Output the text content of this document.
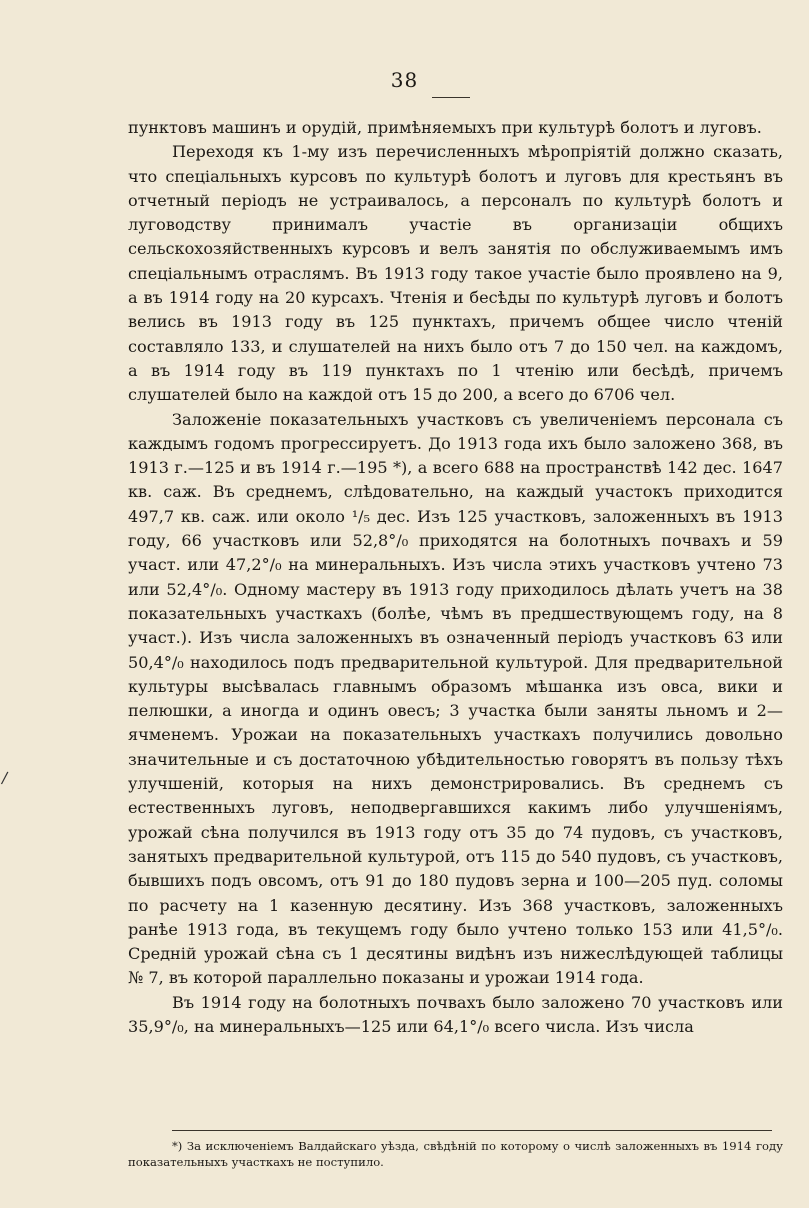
38

пунктовъ машинъ и орудій, примѣняемыхъ при культурѣ болотъ и луговъ.

Переходя къ 1-му изъ перечисленныхъ мѣропріятій должно сказать, что спеціальныхъ курсовъ по культурѣ болотъ и луговъ для крестьянъ въ отчетный періодъ не устраивалось, а персоналъ по культурѣ болотъ и луговодству принималъ участіе въ организаціи общихъ сельскохозяйственныхъ курсовъ и велъ занятія по обслуживаемымъ имъ спеціальнымъ отраслямъ. Въ 1913 году такое участіе было проявлено на 9, а въ 1914 году на 20 курсахъ. Чтенія и бесѣды по культурѣ луговъ и болотъ велись въ 1913 году въ 125 пунктахъ, причемъ общее число чтеній составляло 133, и слушателей на нихъ было отъ 7 до 150 чел. на каждомъ, а въ 1914 году въ 119 пунктахъ по 1 чтенію или бесѣдѣ, причемъ слушателей было на каждой отъ 15 до 200, а всего до 6706 чел.

Заложеніе показательныхъ участковъ съ увеличеніемъ персонала съ каждымъ годомъ прогрессируетъ. До 1913 года ихъ было заложено 368, въ 1913 г.—125 и въ 1914 г.—195 *), а всего 688 на пространствѣ 142 дес. 1647 кв. саж. Въ среднемъ, слѣдовательно, на каждый участокъ приходится 497,7 кв. саж. или около ¹/₅ дес. Изъ 125 участковъ, заложенныхъ въ 1913 году, 66 участковъ или 52,8°/₀ приходятся на болотныхъ почвахъ и 59 участ. или 47,2°/₀ на минеральныхъ. Изъ числа этихъ участковъ учтено 73 или 52,4°/₀. Одному мастеру въ 1913 году приходилось дѣлать учетъ на 38 показательныхъ участкахъ (болѣе, чѣмъ въ предшествующемъ году, на 8 участ.). Изъ числа заложенныхъ въ означенный періодъ участковъ 63 или 50,4°/₀ находилось подъ предварительной культурой. Для предварительной культуры высѣвалась главнымъ образомъ мѣшанка изъ овса, вики и пелюшки, а иногда и одинъ овесъ; 3 участка были заняты льномъ и 2—ячменемъ. Урожаи на показательныхъ участкахъ получились довольно значительные и съ достаточною убѣдительностью говорятъ въ пользу тѣхъ улучшеній, которыя на нихъ демонстрировались. Въ среднемъ съ естественныхъ луговъ, неподвергавшихся какимъ либо улучшеніямъ, урожай сѣна получился въ 1913 году отъ 35 до 74 пудовъ, съ участковъ, занятыхъ предварительной культурой, отъ 115 до 540 пудовъ, съ участковъ, бывшихъ подъ овсомъ, отъ 91 до 180 пудовъ зерна и 100—205 пуд. соломы по расчету на 1 казенную десятину. Изъ 368 участковъ, заложенныхъ ранѣе 1913 года, въ текущемъ году было учтено только 153 или 41,5°/₀. Средній урожай сѣна съ 1 десятины видѣнъ изъ нижеслѣдующей таблицы № 7, въ которой параллельно показаны и урожаи 1914 года.

Въ 1914 году на болотныхъ почвахъ было заложено 70 участковъ или 35,9°/₀, на минеральныхъ—125 или 64,1°/₀ всего числа. Изъ числа

/

*) За исключеніемъ Валдайскаго уѣзда, свѣдѣній по которому о числѣ заложенныхъ въ 1914 году показательныхъ участкахъ не поступило.
